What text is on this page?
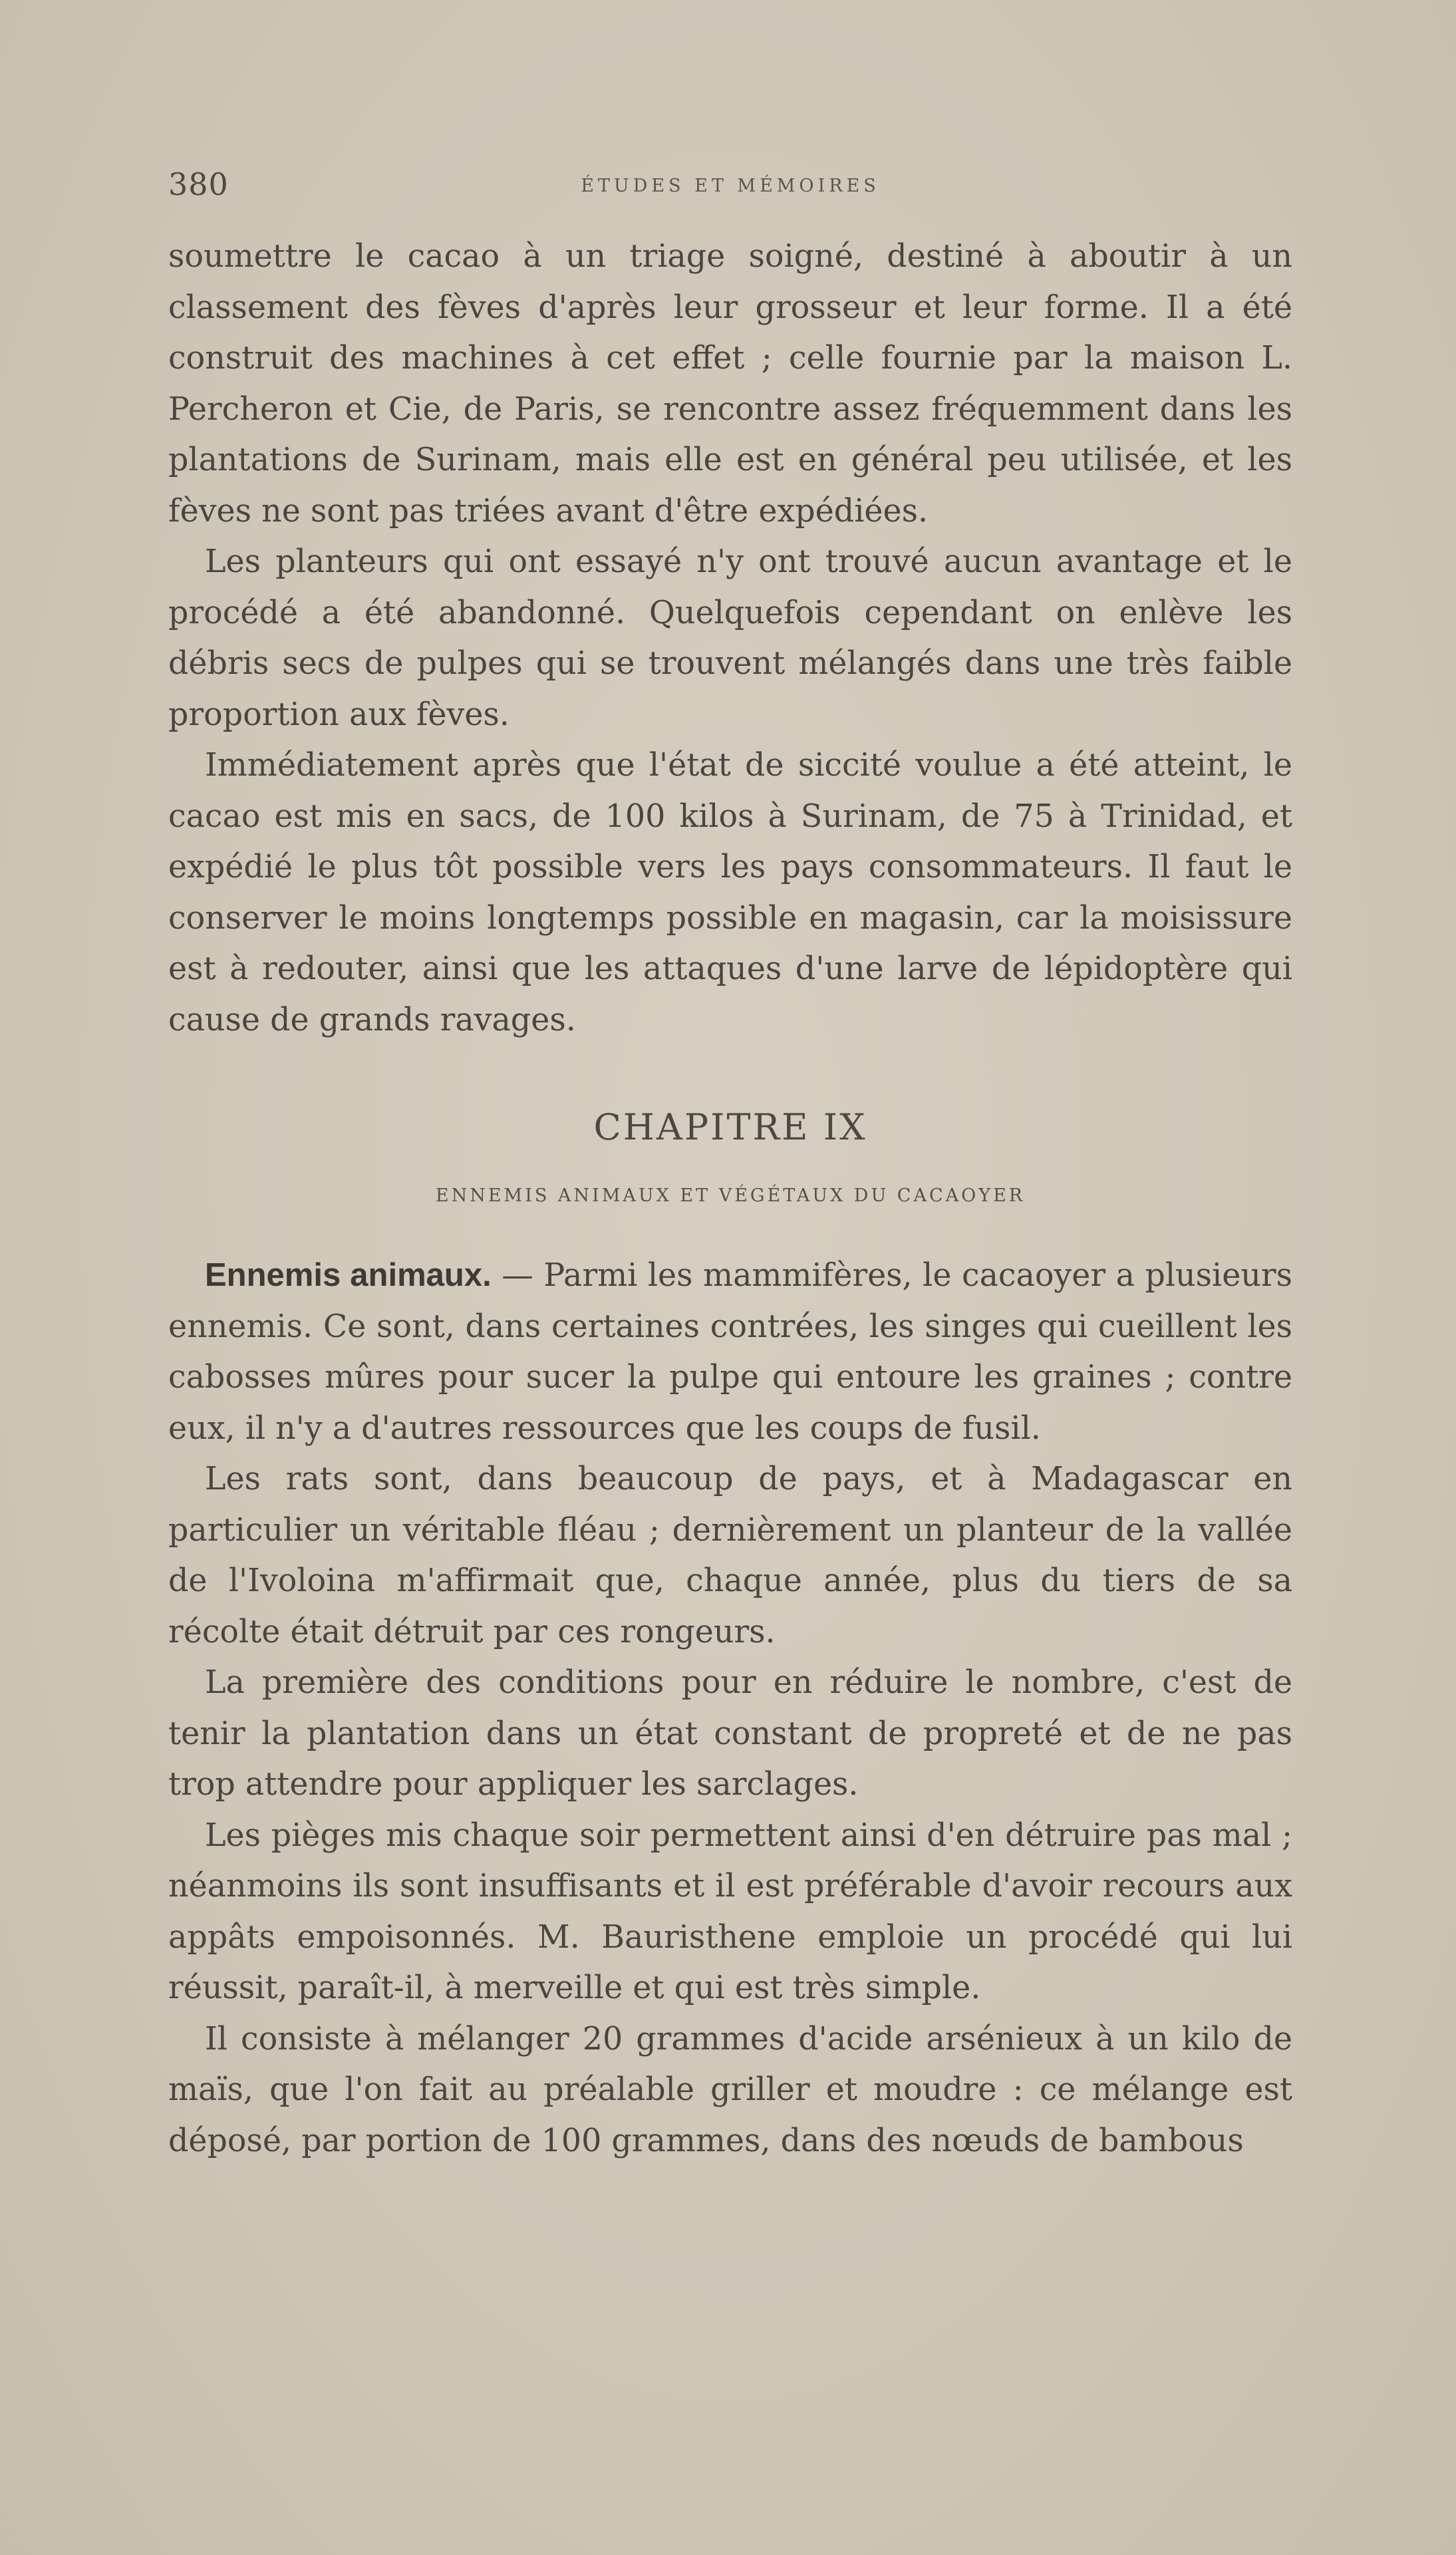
380	ÉTUDES ET MÉMOIRES

soumettre le cacao à un triage soigné, destiné à aboutir à un classement des fèves d'après leur grosseur et leur forme. Il a été construit des machines à cet effet ; celle fournie par la maison L. Percheron et Cie, de Paris, se rencontre assez fréquemment dans les plantations de Surinam, mais elle est en général peu utilisée, et les fèves ne sont pas triées avant d'être expédiées.

Les planteurs qui ont essayé n'y ont trouvé aucun avantage et le procédé a été abandonné. Quelquefois cependant on enlève les débris secs de pulpes qui se trouvent mélangés dans une très faible proportion aux fèves.

Immédiatement après que l'état de siccité voulue a été atteint, le cacao est mis en sacs, de 100 kilos à Surinam, de 75 à Trinidad, et expédié le plus tôt possible vers les pays consommateurs. Il faut le conserver le moins longtemps possible en magasin, car la moisissure est à redouter, ainsi que les attaques d'une larve de lépidoptère qui cause de grands ravages.

CHAPITRE IX
ENNEMIS ANIMAUX ET VÉGÉTAUX DU CACAOYER

Ennemis animaux. — Parmi les mammifères, le cacaoyer a plusieurs ennemis. Ce sont, dans certaines contrées, les singes qui cueillent les cabosses mûres pour sucer la pulpe qui entoure les graines ; contre eux, il n'y a d'autres ressources que les coups de fusil.

Les rats sont, dans beaucoup de pays, et à Madagascar en particulier un véritable fléau ; dernièrement un planteur de la vallée de l'Ivoloina m'affirmait que, chaque année, plus du tiers de sa récolte était détruit par ces rongeurs.

La première des conditions pour en réduire le nombre, c'est de tenir la plantation dans un état constant de propreté et de ne pas trop attendre pour appliquer les sarclages.

Les pièges mis chaque soir permettent ainsi d'en détruire pas mal ; néanmoins ils sont insuffisants et il est préférable d'avoir recours aux appâts empoisonnés. M. Bauristhene emploie un procédé qui lui réussit, paraît-il, à merveille et qui est très simple.

Il consiste à mélanger 20 grammes d'acide arsénieux à un kilo de maïs, que l'on fait au préalable griller et moudre : ce mélange est déposé, par portion de 100 grammes, dans des nœuds de bambous
